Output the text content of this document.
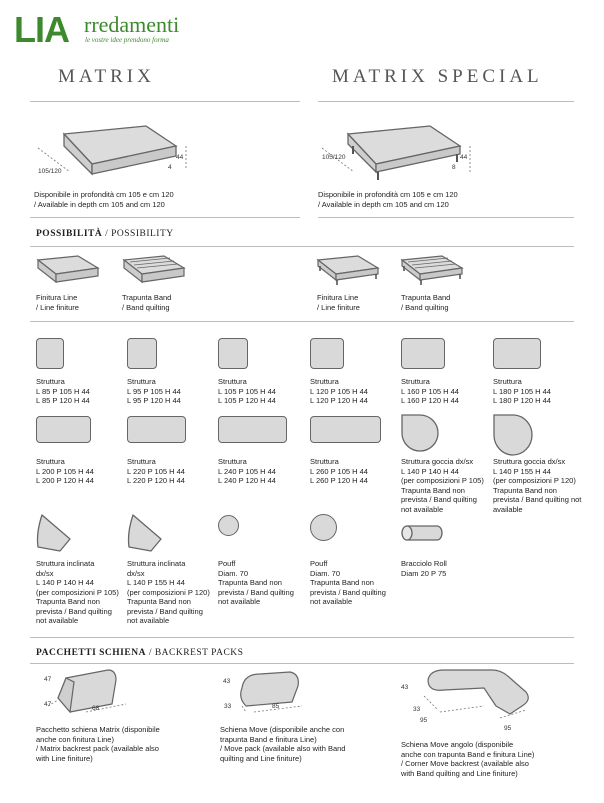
LIA rredamenti
le vostre idee prendono forma
MATRIX	MATRIX SPECIAL
105/120
44
4
Disponibile in profondità cm 105 e cm 120
/ Available in depth cm 105 and cm 120
105/120	44
8
Disponibile in profondità cm 105 e cm 120
/ Available in depth cm 105 and cm 120
POSSIBILITÀ / POSSIBILITY
Finitura Line
/ Line finiture
Trapunta Band
/ Band quilting
Finitura Line
/ Line finiture
Trapunta Band
/ Band quilting
Struttura
L 85 P 105 H 44
L 85 P 120 H 44
Struttura
L 95 P 105 H 44
L 95 P 120 H 44
Struttura
L 105 P 105 H 44
L 105 P 120 H 44
Struttura
L 120 P 105 H 44
L 120 P 120 H 44
Struttura
L 160 P 105 H 44
L 160 P 120 H 44
Struttura
L 180 P 105 H 44
L 180 P 120 H 44
Struttura
L 200 P 105 H 44
L 200 P 120 H 44
Struttura
L 220 P 105 H 44
L 220 P 120 H 44
Struttura
L 240 P 105 H 44
L 240 P 120 H 44
Struttura
L 260 P 105 H 44
L 260 P 120 H 44
Struttura goccia dx/sx
L 140 P 140 H 44
(per composizioni P 105)
Trapunta Band non
prevista / Band quilting
not available
Struttura goccia dx/sx
L 140 P 155 H 44
(per composizioni P 120)
Trapunta Band non
prevista / Band quilting not
available
Struttura inclinata
dx/sx
L 140 P 140 H 44
(per composizioni P 105)
Trapunta Band non
prevista / Band quilting
not available
Struttura inclinata
dx/sx
L 140 P 155 H 44
(per composizioni P 120)
Trapunta Band non
prevista / Band quilting
not available
Pouff
Diam. 70
Trapunta Band non
prevista / Band quilting
not available
Pouff
Diam. 70
Trapunta Band non
prevista / Band quilting
not available
Bracciolo Roll
Diam 20 P 75
PACCHETTI SCHIENA / BACKREST PACKS
47
47
68
Pacchetto schiena Matrix (disponibile
anche con finitura Line)
/ Matrix backrest pack (available also
with Line finiture)
43
33	85
Schiena Move (disponibile anche con
trapunta Band e finitura Line)
/ Move pack (available also with Band
quilting and Line finiture)
43
33
95
95
Schiena Move angolo (disponibile
anche con trapunta Band e finitura Line)
/ Corner Move backrest (available also
with Band quilting and Line finiture)
